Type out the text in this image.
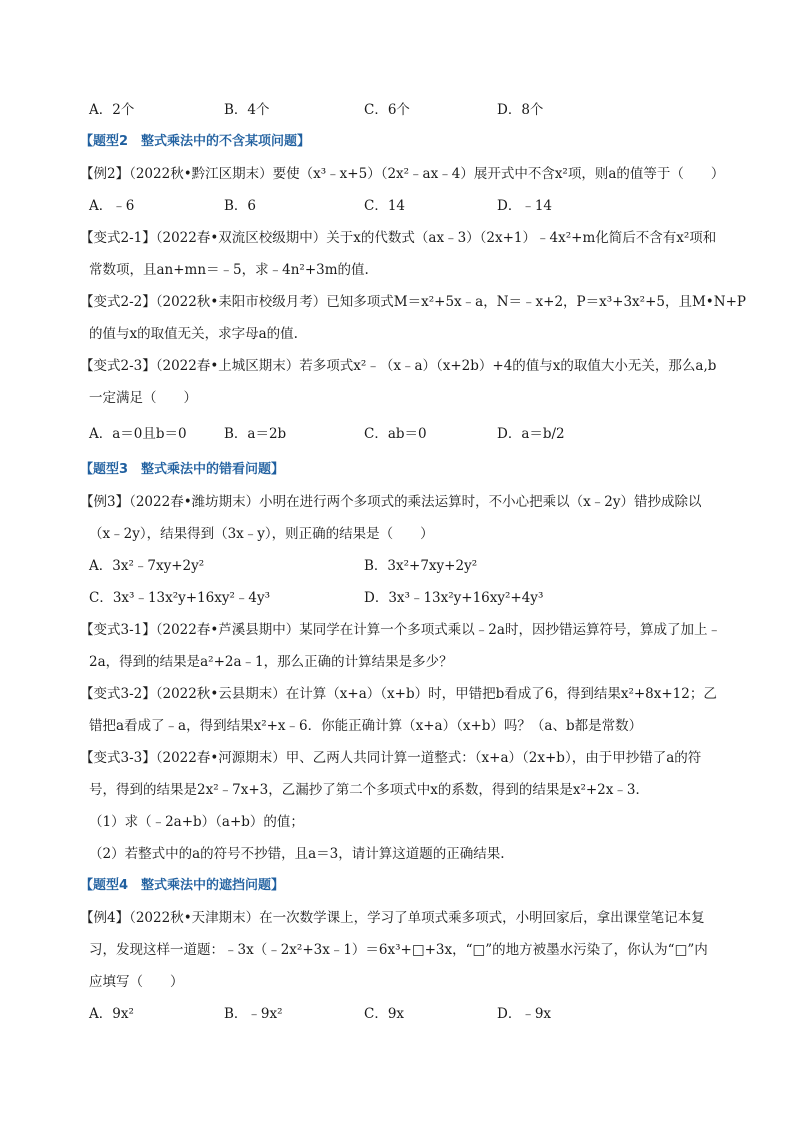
A．2个	B．4个	C．6个	D．8个
【题型2　整式乘法中的不含某项问题】
【例2】（2022秋•黔江区期末）要使（x³﹣x+5）（2x²﹣ax﹣4）展开式中不含x²项，则a的值等于（　　）
A．﹣6	B．6	C．14	D．﹣14
【变式2-1】（2022春•双流区校级期中）关于x的代数式（ax﹣3）（2x+1）﹣4x²+m化简后不含有x²项和
常数项，且an+mn＝﹣5，求﹣4n²+3m的值.
【变式2-2】（2022秋•耒阳市校级月考）已知多项式M＝x²+5x﹣a，N＝﹣x+2，P＝x³+3x²+5，且M•N+P
的值与x的取值无关，求字母a的值.
【变式2-3】（2022春•上城区期末）若多项式x²﹣（x﹣a）（x+2b）+4的值与x的取值大小无关，那么a,b
一定满足（　　）
A．a＝0且b＝0	B．a＝2b	C．ab＝0	D．a＝b/2
【题型3　整式乘法中的错看问题】
【例3】（2022春•潍坊期末）小明在进行两个多项式的乘法运算时，不小心把乘以（x﹣2y）错抄成除以
（x﹣2y），结果得到（3x﹣y），则正确的结果是（　　）
A．3x²﹣7xy+2y²	B．3x²+7xy+2y²
C．3x³﹣13x²y+16xy²﹣4y³	D．3x³﹣13x²y+16xy²+4y³
【变式3-1】（2022春•芦溪县期中）某同学在计算一个多项式乘以﹣2a时，因抄错运算符号，算成了加上﹣
2a，得到的结果是a²+2a﹣1，那么正确的计算结果是多少？
【变式3-2】（2022秋•云县期末）在计算（x+a）（x+b）时，甲错把b看成了6，得到结果x²+8x+12；乙
错把a看成了﹣a，得到结果x²+x﹣6．你能正确计算（x+a）（x+b）吗？（a、b都是常数）
【变式3-3】（2022春•河源期末）甲、乙两人共同计算一道整式：（x+a）（2x+b），由于甲抄错了a的符
号，得到的结果是2x²﹣7x+3，乙漏抄了第二个多项式中x的系数，得到的结果是x²+2x﹣3．
（1）求（﹣2a+b）（a+b）的值；
（2）若整式中的a的符号不抄错，且a＝3，请计算这道题的正确结果.
【题型4　整式乘法中的遮挡问题】
【例4】（2022秋•天津期末）在一次数学课上，学习了单项式乘多项式，小明回家后，拿出课堂笔记本复
习，发现这样一道题：﹣3x（﹣2x²+3x﹣1）＝6x³+□+3x，“□”的地方被墨水污染了，你认为“□”内
应填写（　　）
A．9x²	B．﹣9x²	C．9x	D．﹣9x
